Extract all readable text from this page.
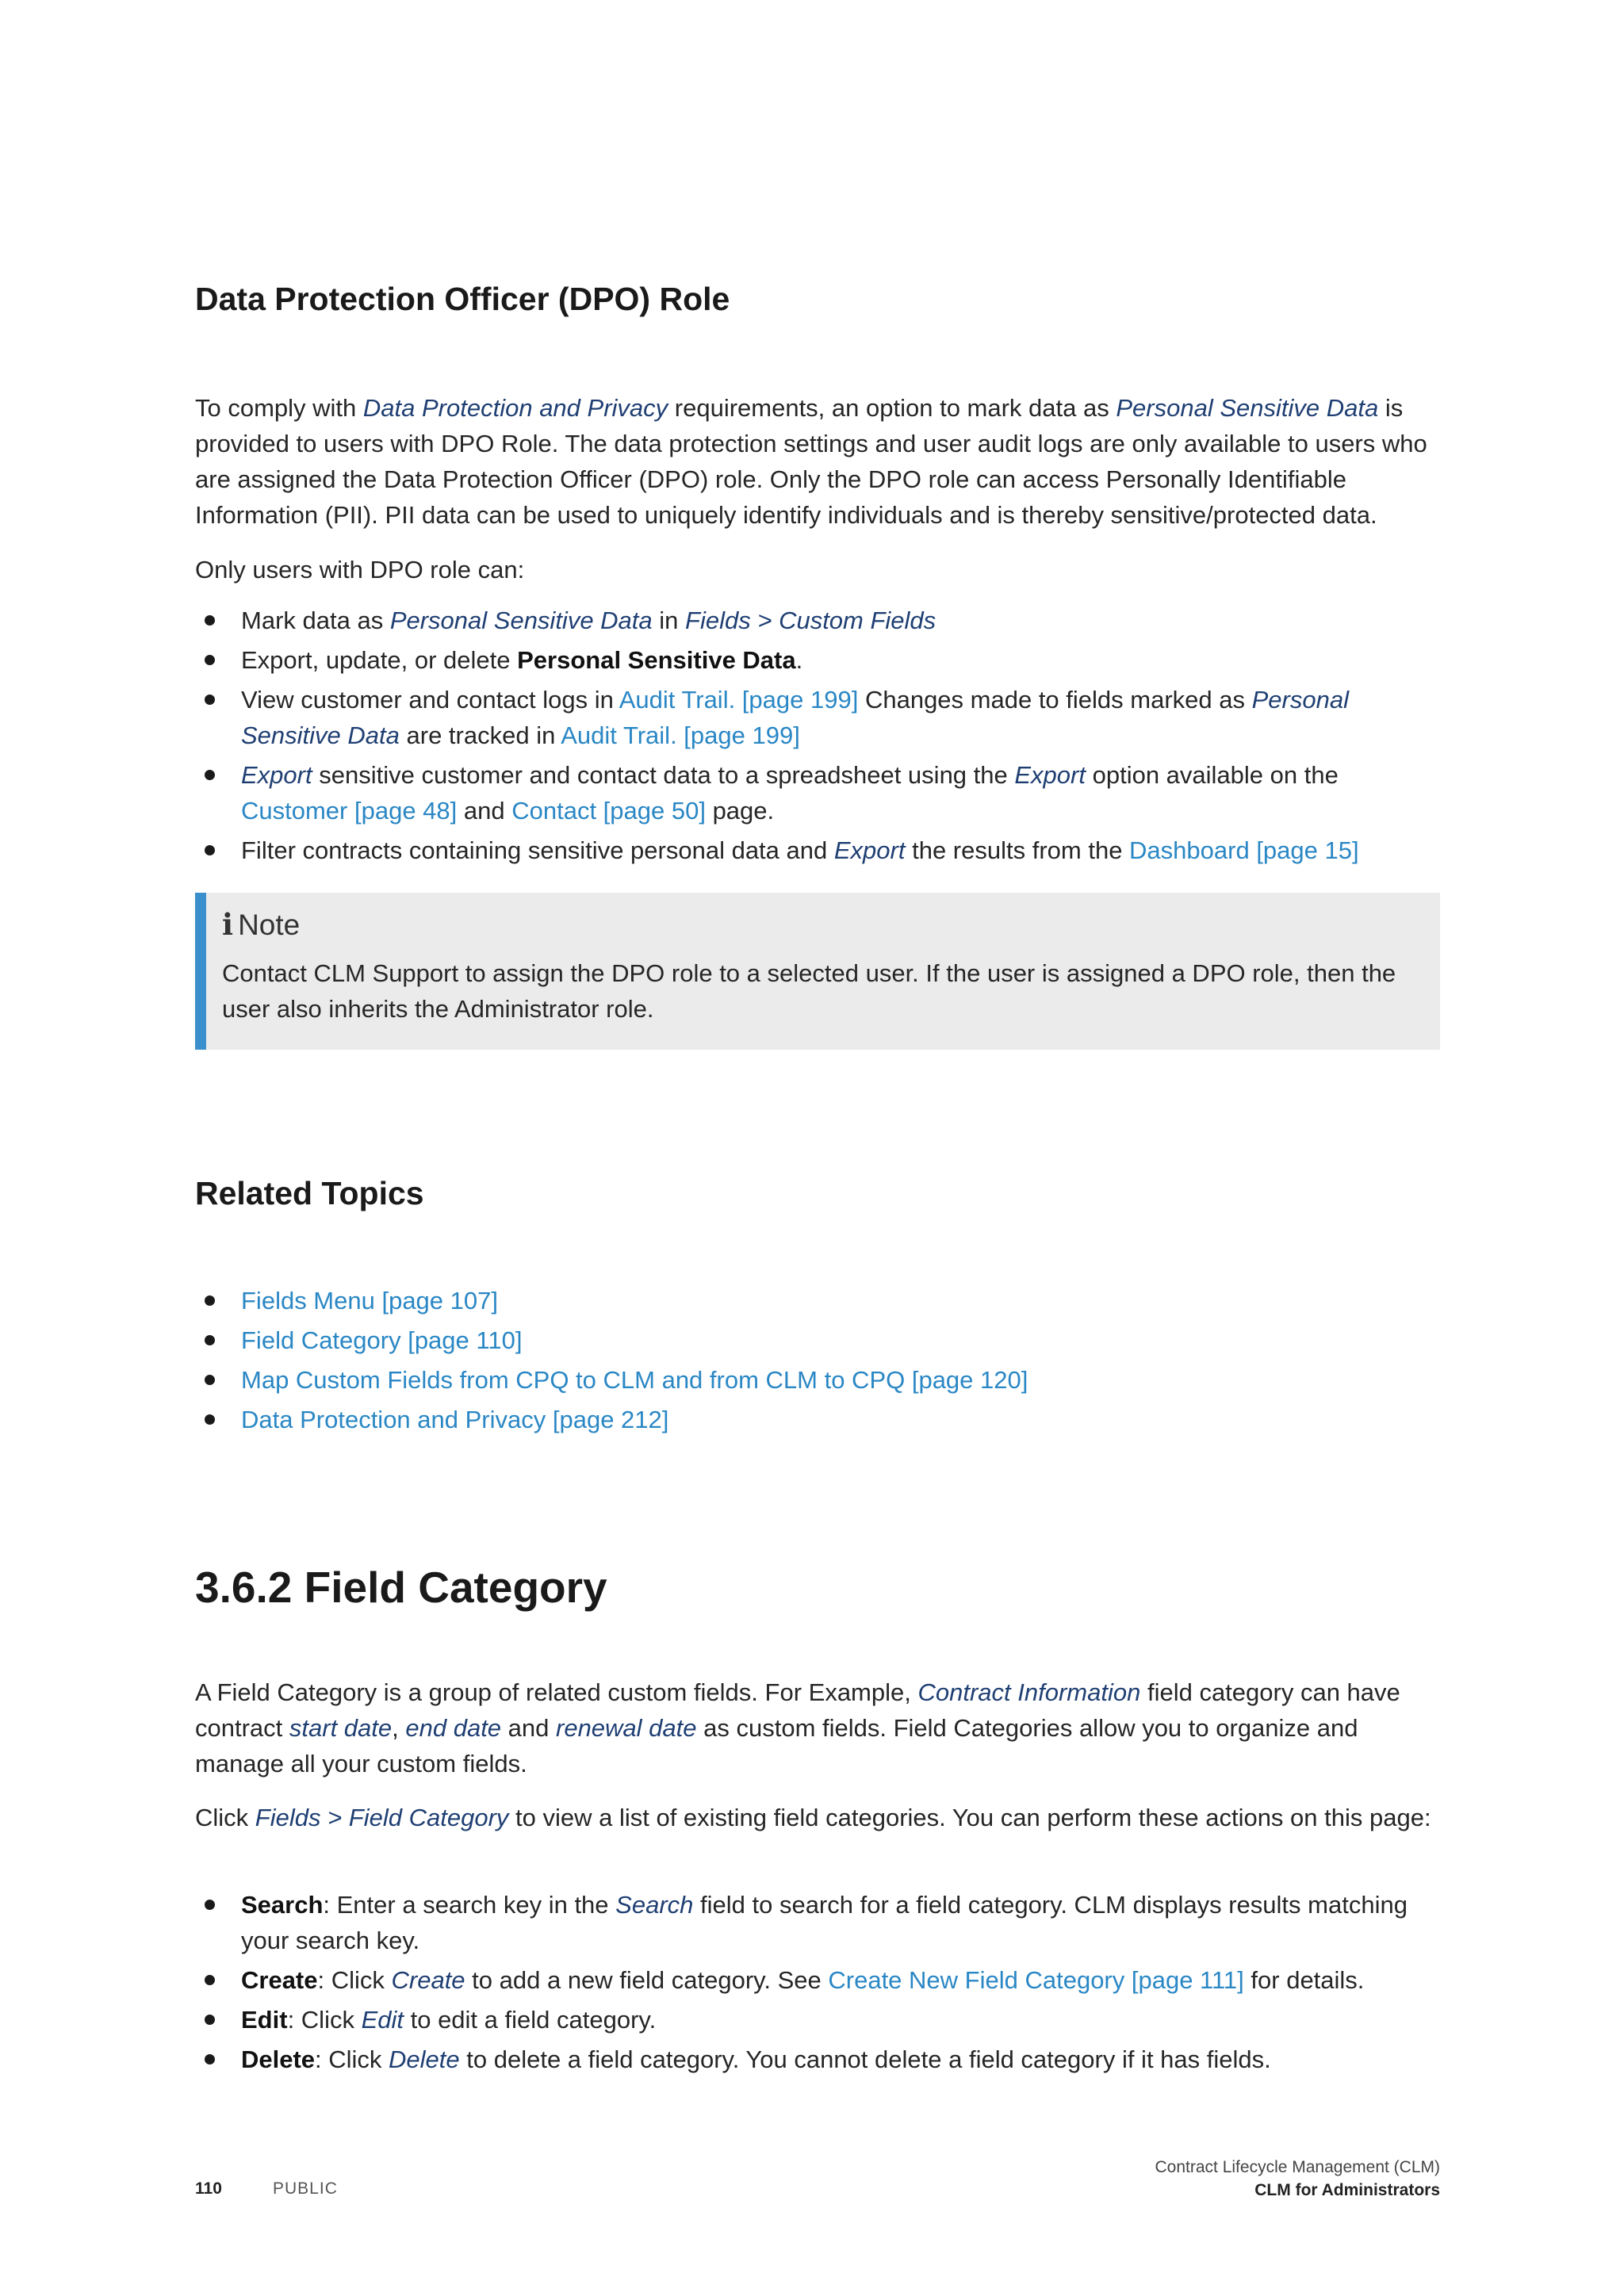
Data Protection Officer (DPO) Role

To comply with Data Protection and Privacy requirements, an option to mark data as Personal Sensitive Data is provided to users with DPO Role. The data protection settings and user audit logs are only available to users who are assigned the Data Protection Officer (DPO) role. Only the DPO role can access Personally Identifiable Information (PII). PII data can be used to uniquely identify individuals and is thereby sensitive/protected data.

Only users with DPO role can:

Mark data as Personal Sensitive Data in Fields > Custom Fields
Export, update, or delete Personal Sensitive Data.
View customer and contact logs in Audit Trail. [page 199] Changes made to fields marked as Personal Sensitive Data are tracked in Audit Trail. [page 199]
Export sensitive customer and contact data to a spreadsheet using the Export option available on the Customer [page 48] and Contact [page 50] page.
Filter contracts containing sensitive personal data and Export the results from the Dashboard [page 15]
i Note
Contact CLM Support to assign the DPO role to a selected user. If the user is assigned a DPO role, then the user also inherits the Administrator role.
Related Topics
Fields Menu [page 107]
Field Category [page 110]
Map Custom Fields from CPQ to CLM and from CLM to CPQ [page 120]
Data Protection and Privacy [page 212]
3.6.2 Field Category

A Field Category is a group of related custom fields. For Example, Contract Information field category can have contract start date, end date and renewal date as custom fields. Field Categories allow you to organize and manage all your custom fields.

Click Fields > Field Category to view a list of existing field categories. You can perform these actions on this page:

Search: Enter a search key in the Search field to search for a field category. CLM displays results matching your search key.
Create: Click Create to add a new field category. See Create New Field Category [page 111] for details.
Edit: Click Edit to edit a field category.
Delete: Click Delete to delete a field category. You cannot delete a field category if it has fields.
110	PUBLIC
Contract Lifecycle Management (CLM)
CLM for Administrators
